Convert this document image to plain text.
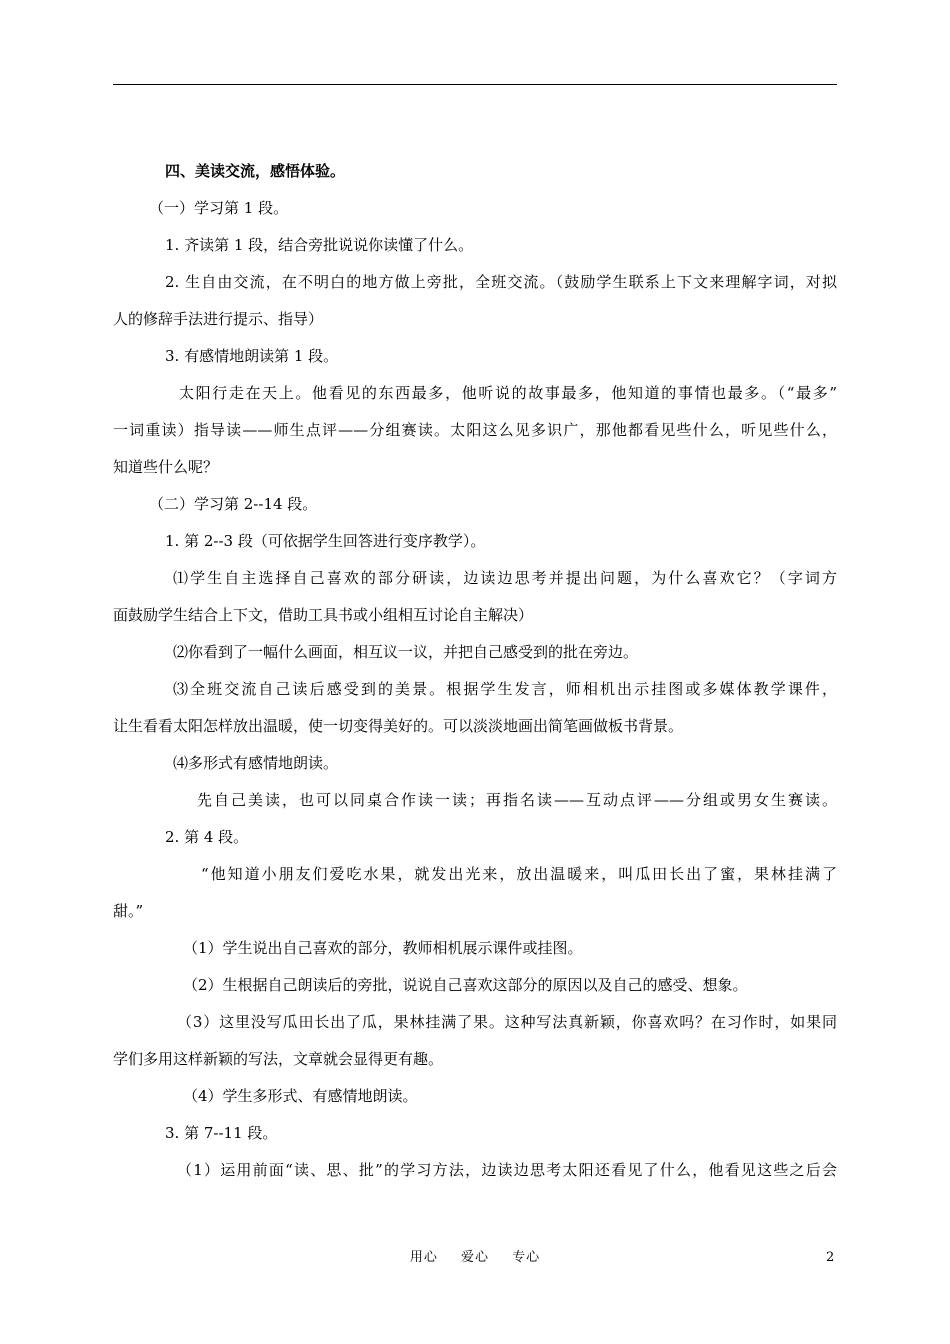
四、美读交流，感悟体验。
（一）学习第 1 段。
1. 齐读第 1 段，结合旁批说说你读懂了什么。
2. 生自由交流，在不明白的地方做上旁批，全班交流。（鼓励学生联系上下文来理解字词，对拟
人的修辞手法进行提示、指导）
3. 有感情地朗读第 1 段。
太阳行走在天上。他看见的东西最多，他听说的故事最多，他知道的事情也最多。（“最多”
一词重读）指导读——师生点评——分组赛读。太阳这么见多识广，那他都看见些什么，听见些什么，
知道些什么呢？
（二）学习第 2--14 段。
1. 第 2--3 段（可依据学生回答进行变序教学）。
⑴学生自主选择自己喜欢的部分研读，边读边思考并提出问题，为什么喜欢它？（字词方
面鼓励学生结合上下文，借助工具书或小组相互讨论自主解决）
⑵你看到了一幅什么画面，相互议一议，并把自己感受到的批在旁边。
⑶全班交流自己读后感受到的美景。根据学生发言，师相机出示挂图或多媒体教学课件，
让生看看太阳怎样放出温暖，使一切变得美好的。可以淡淡地画出简笔画做板书背景。
⑷多形式有感情地朗读。
先自己美读，也可以同桌合作读一读；再指名读——互动点评——分组或男女生赛读。
2. 第 4 段。
“他知道小朋友们爱吃水果，就发出光来，放出温暖来，叫瓜田长出了蜜，果林挂满了
甜。”
（1）学生说出自己喜欢的部分，教师相机展示课件或挂图。
（2）生根据自己朗读后的旁批，说说自己喜欢这部分的原因以及自己的感受、想象。
（3）这里没写瓜田长出了瓜，果林挂满了果。这种写法真新颖，你喜欢吗？在习作时，如果同
学们多用这样新颖的写法，文章就会显得更有趣。
（4）学生多形式、有感情地朗读。
3. 第 7--11 段。
（1）运用前面“读、思、批”的学习方法，边读边思考太阳还看见了什么，他看见这些之后会
用心 爱心 专心	2
